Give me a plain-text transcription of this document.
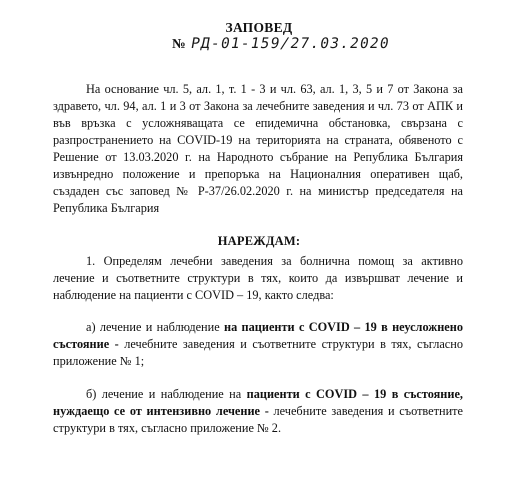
ЗАПОВЕД
№ РД-01-159/27.03.2020
На основание чл. 5, ал. 1, т. 1 - 3 и чл. 63, ал. 1, 3, 5 и 7 от Закона за здравето, чл. 94, ал. 1 и 3 от Закона за лечебните заведения и чл. 73 от АПК и във връзка с усложняващата се епидемична обстановка, свързана с разпространението на COVID-19 на територията на страната, обявеното с Решение от 13.03.2020 г. на Народното събрание на Република България извънредно положение и препоръка на Националния оперативен щаб, създаден със заповед № Р-37/26.02.2020 г. на министър председателя на Република България
НАРЕЖДАМ:
1. Определям лечебни заведения за болнична помощ за активно лечение и съответните структури в тях, които да извършват лечение и наблюдение на пациенти с COVID – 19, както следва:
а) лечение и наблюдение на пациенти с COVID – 19 в неусложнено състояние - лечебните заведения и съответните структури в тях, съгласно приложение № 1;
б) лечение и наблюдение на пациенти с COVID – 19 в състояние, нуждаещо се от интензивно лечение - лечебните заведения и съответните структури в тях, съгласно приложение № 2.
